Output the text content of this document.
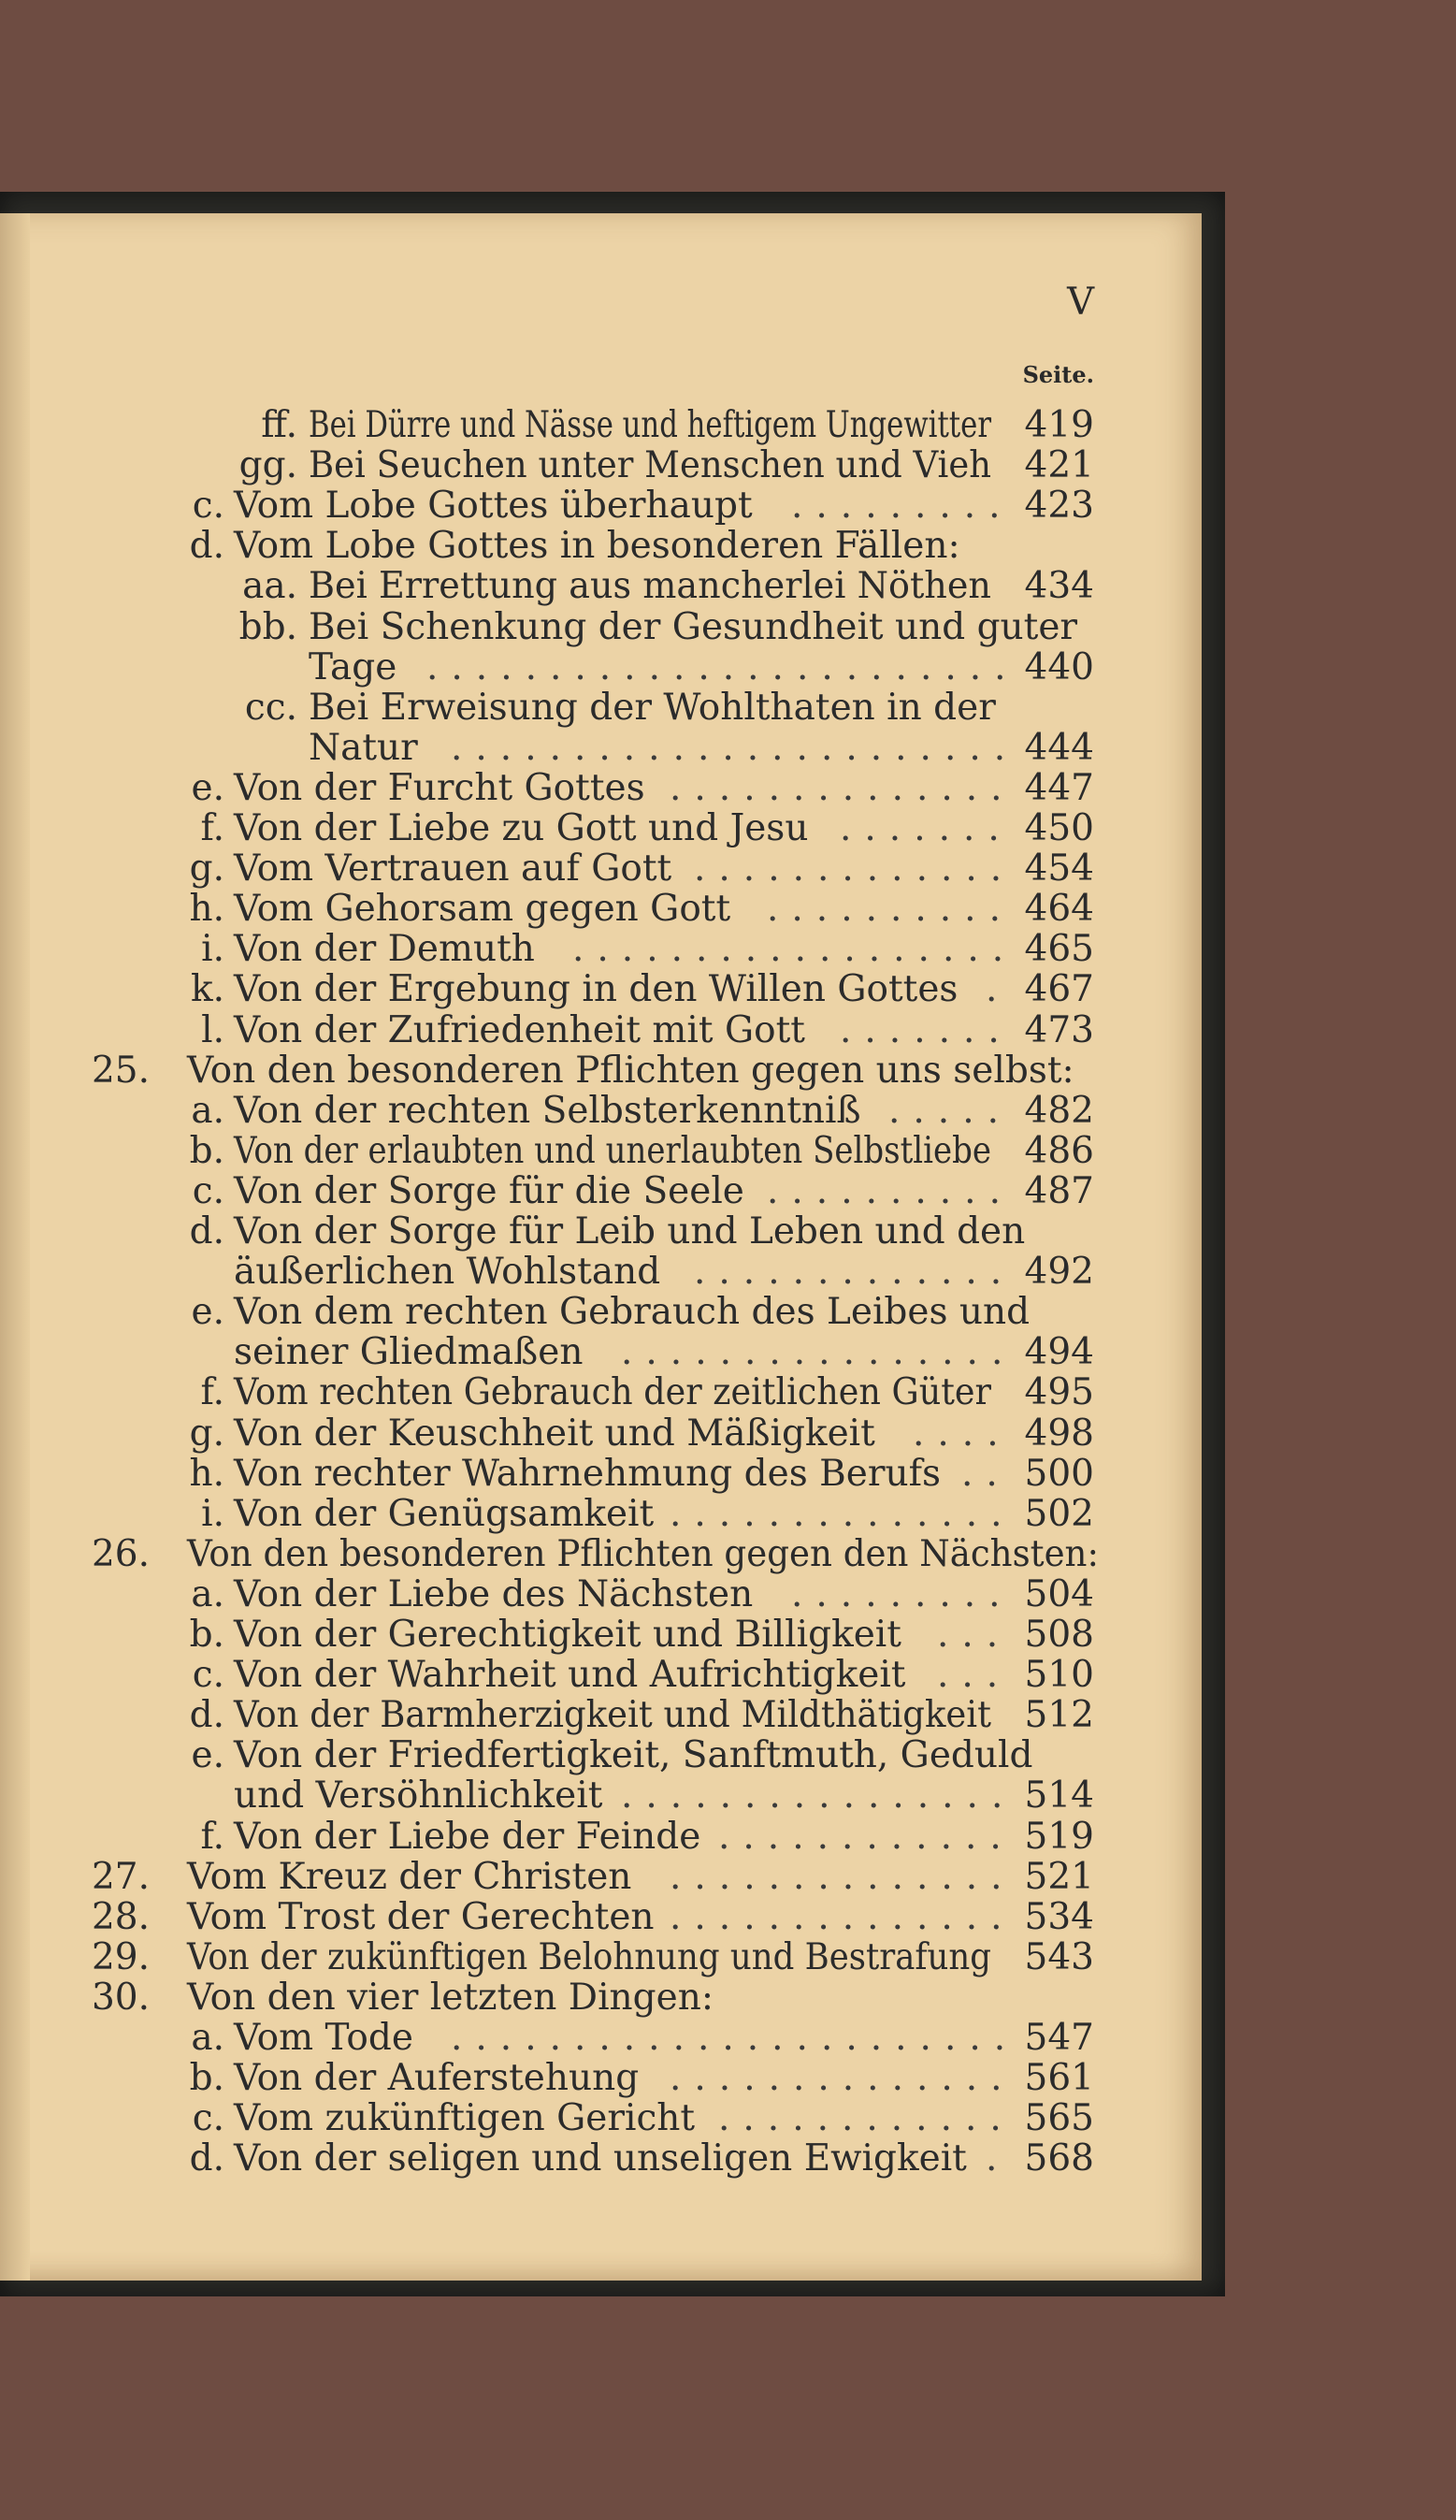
V
Seite.
ff. Bei Dürre und Nässe und heftigem Ungewitter 419
gg. Bei Seuchen unter Menschen und Vieh 421
c. Vom Lobe Gottes überhaupt ......... 423
d. Vom Lobe Gottes in besonderen Fällen:
aa. Bei Errettung aus mancherlei Nöthen 434
bb. Bei Schenkung der Gesundheit und guter
Tage ........................ 440
cc. Bei Erweisung der Wohlthaten in der
Natur ....................... 444
e. Von der Furcht Gottes .............. 447
f. Von der Liebe zu Gott und Jesu ....... 450
g. Vom Vertrauen auf Gott ............. 454
h. Vom Gehorsam gegen Gott .......... 464
i. Von der Demuth .................. 465
k. Von der Ergebung in den Willen Gottes . 467
l. Von der Zufriedenheit mit Gott ....... 473
25. Von den besonderen Pflichten gegen uns selbst:
a. Von der rechten Selbsterkenntniß ..... 482
b. Von der erlaubten und unerlaubten Selbstliebe 486
c. Von der Sorge für die Seele .......... 487
d. Von der Sorge für Leib und Leben und den
äußerlichen Wohlstand ............. 492
e. Von dem rechten Gebrauch des Leibes und
seiner Gliedmaßen ................ 494
f. Vom rechten Gebrauch der zeitlichen Güter 495
g. Von der Keuschheit und Mäßigkeit .... 498
h. Von rechter Wahrnehmung des Berufs .. 500
i. Von der Genügsamkeit .............. 502
26. Von den besonderen Pflichten gegen den Nächsten:
a. Von der Liebe des Nächsten ......... 504
b. Von der Gerechtigkeit und Billigkeit ... 508
c. Von der Wahrheit und Aufrichtigkeit ... 510
d. Von der Barmherzigkeit und Mildthätigkeit 512
e. Von der Friedfertigkeit, Sanftmuth, Geduld
und Versöhnlichkeit ................ 514
f. Von der Liebe der Feinde ............ 519
27. Vom Kreuz der Christen .............. 521
28. Vom Trost der Gerechten .............. 534
29. Von der zukünftigen Belohnung und Bestrafung 543
30. Von den vier letzten Dingen:
a. Vom Tode ....................... 547
b. Von der Auferstehung .............. 561
c. Vom zukünftigen Gericht ............ 565
d. Von der seligen und unseligen Ewigkeit . 568
